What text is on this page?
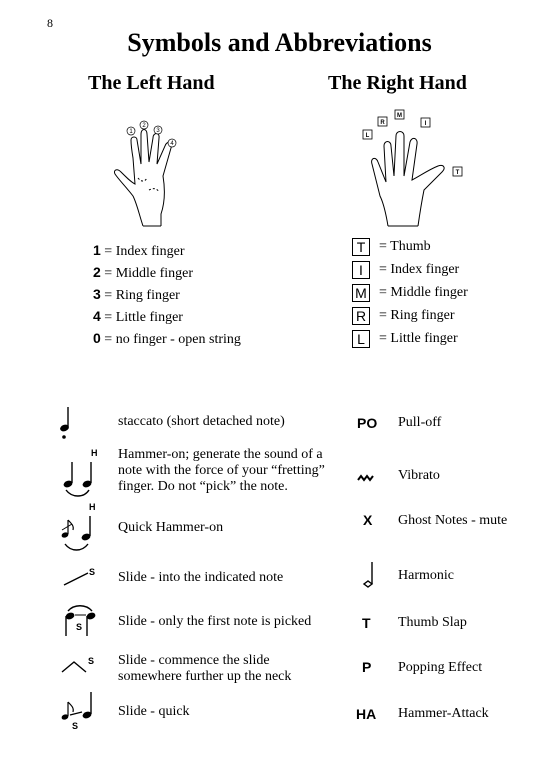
8
Symbols and Abbreviations
The Left Hand	The Right Hand
1
2
3
4
L
R
M
I
T
1 = Index finger
2 = Middle finger
3 = Ring finger
4 = Little finger
0 = no finger - open string
T = Thumb
I	= Index finger
M = Middle finger
R = Ring finger
L	= Little finger
staccato (short detached note)
H Hammer-on; generate the sound of a
note with the force of your “fretting”
finger. Do not “pick” the note.
H
Quick Hammer-on
S Slide - into the indicated note
S	Slide - only the first note is picked
S Slide - commence the slide
somewhere further up the neck
S
Slide - quick
PO Pull-off
Vibrato
X Ghost Notes - mute
Harmonic
T Thumb Slap
P Popping Effect
HA Hammer-Attack
